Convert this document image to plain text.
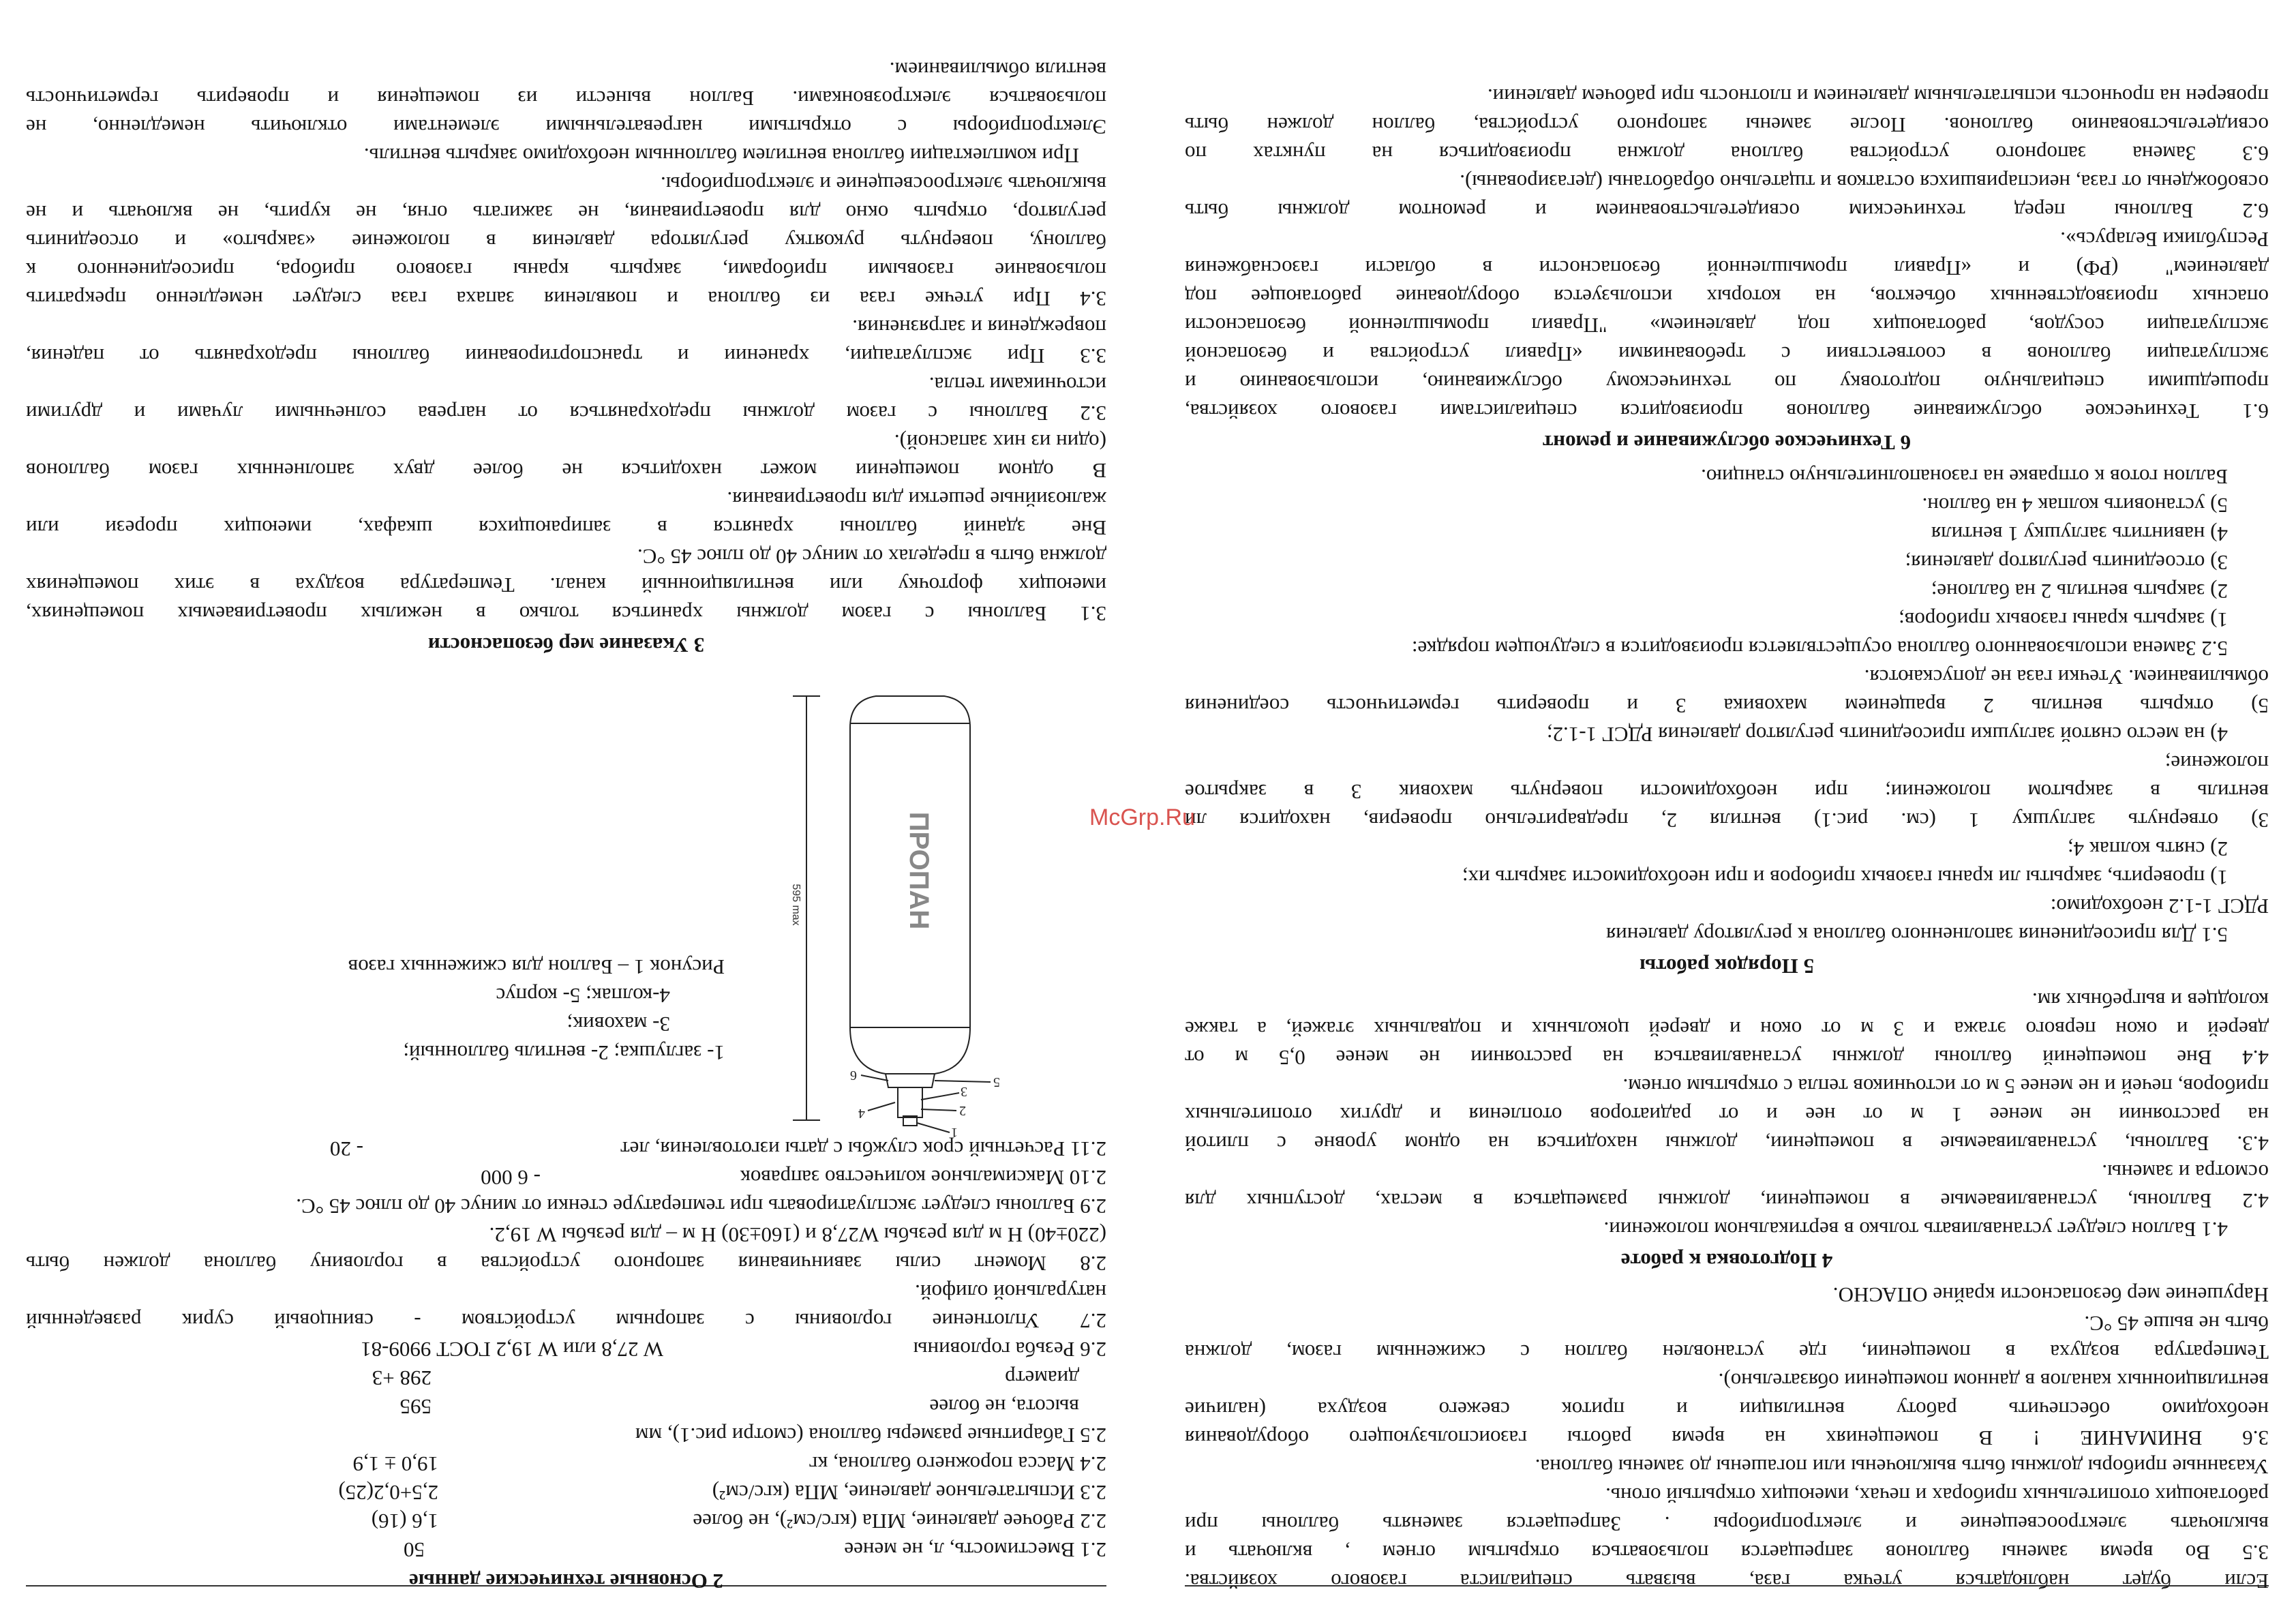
Если будет наблюдаться утечка газа, вызвать специалиста газового хозяйства.
3.5 Во время замены баллонов запрещается пользоваться открытым огнем , включать и
выключать электроосвещение и электроприборы . Запрещается заменять баллоны при
работающих отопительных приборах и печах, имеющих открытый огонь.
Указанные приборы должны быть выключены или погашены до замены баллона.
3.6 ВНИМАНИЕ ! В помещениях на время работы газоиспользующего оборудования
необходимо обеспечить работу вентиляции и приток свежего воздуха (наличие
вентиляционных каналов в данном помещении обязательно).
Температура воздуха в помещении, где установлен баллон с сжиженным газом, должна
быть не выше 45 °С.
Нарушение мер безопасности крайне ОПАСНО.
4 Подготовка к работе
4.1 Баллон следует устанавливать только в вертикальном положении.
4.2 Баллоны, устанавливаемые в помещении, должны размещаться в местах, доступных для
осмотра и замены.
4.3. Баллоны, устанавливаемые в помещении, должны находиться на одном уровне с плитой
на расстоянии не менее 1 м от нее и от радиаторов отопления и других отопительных
приборов, печей и не менее 5 м от источников тепла с открытым огнем.
4.4 Вне помещений баллоны должны устанавливаться на расстоянии не менее 0,5 м от
дверей и окон первого этажа и 3 м от окон и дверей цокольных и подвальных этажей, а также
колодцев и выгребных ям.
5 Порядок работы
5.1 Для присоединения заполненного баллона к регулятору давления
РДСГ 1-1.2 необходимо:
1) проверить, закрыты ли краны газовых приборов и при необходимости закрыть их;
2) снять колпак 4;
3) отвернуть заглушку 1 (см. рис.1) вентиля 2, предварительно проверив, находится ли
вентиль в закрытом положении; при необходимости повернуть маховик 3 в закрытое
положение;
4) на место снятой заглушки присоединить регулятор давления РДСГ 1-1.2;
5) открыть вентиль 2 вращением маховика 3 и проверить герметичность соединения
обмыливанием. Утечки газа не допускаются.
5.2 Замена использованного баллона осуществляется производится в следующем порядке:
1) закрыть краны газовых приборов;
2) закрыть вентиль 2 на баллоне;
3) отсоединить регулятор давления;
4) навинтить заглушку 1 вентиля
5) установить колпак 4 на баллон.
Баллон готов к отправке на газонаполнительную станцию.
6 Техническое обслуживание и ремонт
6.1 Техническое обслуживание баллонов производится специалистами газового хозяйства,
прошедшими специальную подготовку по техническому обслуживанию, использованию и
эксплуатации баллонов в соответствии с требованиями «Правил устройства и безопасной
эксплуатации сосудов, работающих под давлением» "Правил промышленной безопасности
опасных производственных объектов, на которых используется оборудование работающее под
давлением" (РФ) и «Правил промышленной безопасности в области газоснабжения
Республики Беларусь».
6.2 Баллоны перед техническим освидетельствованием и ремонтом должны быть
освобождены от газа, неиспарившихся остатков и тщательно обработаны (дегазированы).
6.3 Замена запорного устройства баллона должна производиться на пунктах по
освидетельствованию баллонов. После замены запорного устройства, баллон должен быть
проверен на прочность испытательным давлением и плотность при рабочем давлении.
2 Основные технические данные
2.1 Вместимость, л, не менее
50
2.2 Рабочее давление, МПа (кгс/см²), не более
1,6 (16)
2.3 Испытательное давление, МПа (кгс/см²)
2,5+0,2(25)
2.4 Масса порожнего баллона, кг
19,0 ± 1,9
2.5 Габаритные размеры баллона (смотри рис.1), мм
высота, не более
595
диаметр
298 +3
2.6 Резьба горловины
W 27,8 или W 19,2 ГОСТ 9909-81
2.7 Уплотнение горловины с запорным устройством - свинцовый сурик разведенный
натуральной олифой.
2.8 Момент силы завинчивания запорного устройства в горловину баллона должен быть
(220±40) Н м для резьбы W27,8 и (160±30) Н м – для резьбы W 19,2.
2.9 Баллоны следует эксплуатировать при температуре стенки от минус 40 до плюс 45 °С.
2.10 Максимальное количество заправок
- 6 000
2.11 Расчетный срок службы с даты изготовления, лет
- 20
ПРОПАН
595 max
1
2
3
4
5
6
1- заглушка; 2- вентиль баллонный;
3- маховик;
4-колпак; 5- корпус
Рисунок 1 – Баллон для сжиженных газов
3 Указание мер безопасности
3.1 Баллоны с газом должны храниться только в нежилых проветриваемых помещениях,
имеющих форточку или вентиляционный канал. Температура воздуха в этих помещениях
должна быть в пределах от минус 40 до плюс 45 °С.
Вне зданий баллоны хранятся в запирающихся шкафах, имеющих прорези или
жалюзийные решетки для проветривания.
В одном помещении может находиться не более двух заполненных газом баллонов
(один из них запасной).
3.2 Баллоны с газом должны предохраняться от нагрева солнечными лучами и другими
источниками тепла.
3.3 При эксплуатации, хранении и транспортировании баллоны предохранять от падения,
повреждения и загрязнения.
3.4 При утечке газа из баллона и появления запаха газа следует немедленно прекратить
пользование газовыми приборами, закрыть краны газового прибора, присоединенного к
баллону, повернуть рукоятку регулятора давления в положение «закрыто» и отсоединить
регулятор, открыть окно для проветривания, не зажигать огня, не курить, не включать и не
выключать электроосвещение и электроприборы.
При комплектации баллона вентилем баллонным необходимо закрыть вентиль.
Электроприборы с открытыми нагревательными элементами отключить немедленно, не
пользоваться электрозвонками. Баллон вынести из помещения и проверить герметичность
вентиля обмыливанием.
McGrp.Ru
